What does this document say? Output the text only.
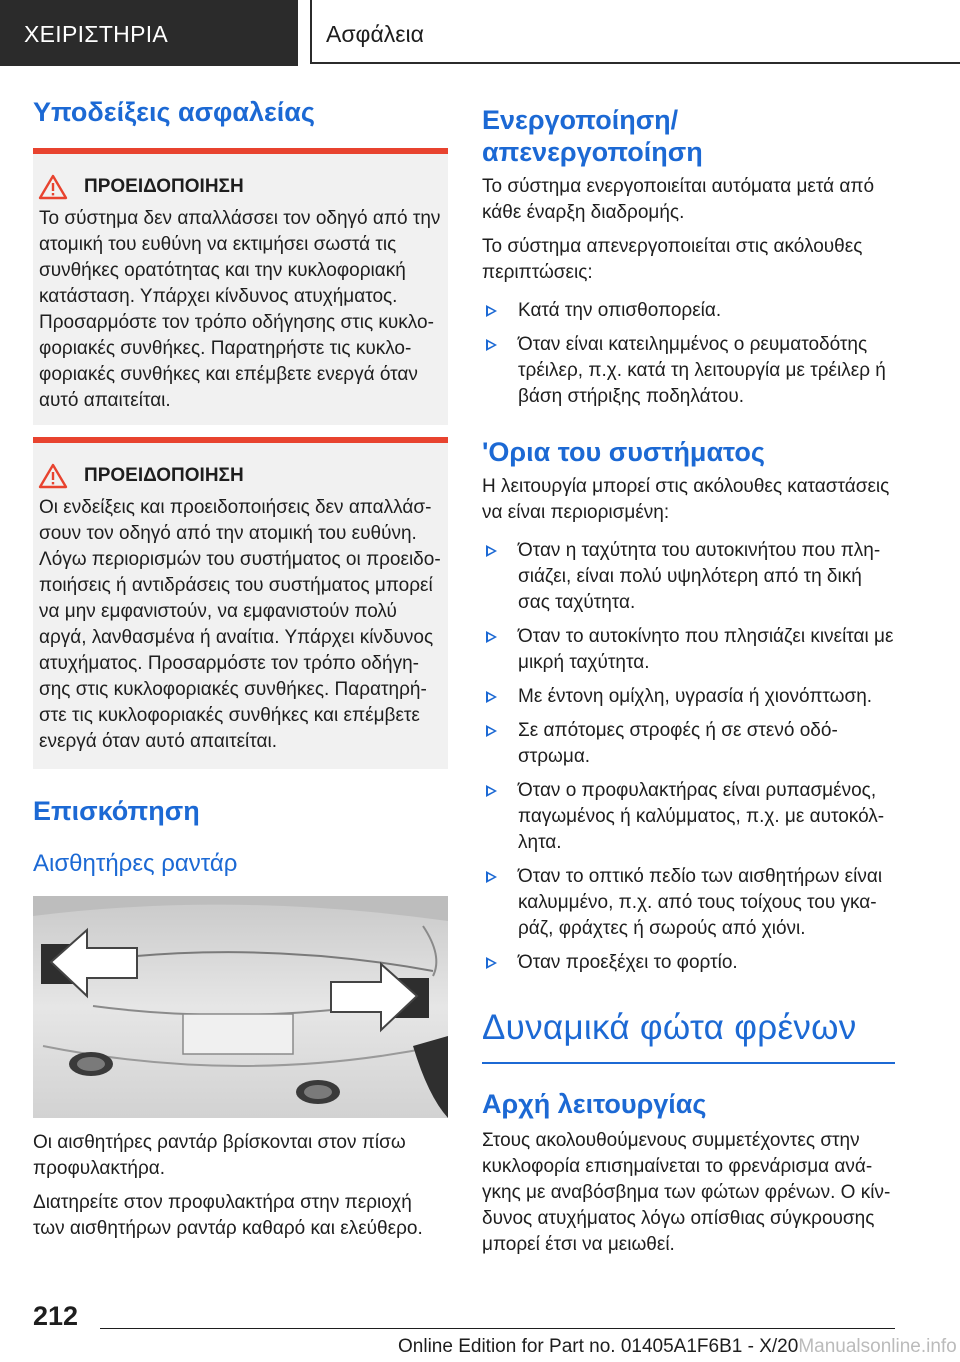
ΧΕΙΡΙΣΤΗΡΙΑ	Ασφάλεια
Υποδείξεις ασφαλείας
ΠΡΟΕΙΔΟΠΟΙΗΣΗ

Το σύστημα δεν απαλλάσσει τον οδηγό από την ατομική του ευθύνη να εκτιμήσει σωστά τις συνθήκες ορατότητας και την κυκλοφοριακή κατάσταση. Υπάρχει κίνδυνος ατυχήματος. Προσαρμόστε τον τρόπο οδήγησης στις κυκλοφοριακές συνθήκες. Παρατηρήστε τις κυκλοφοριακές συνθήκες και επέμβετε ενεργά όταν αυτό απαιτείται.

ΠΡΟΕΙΔΟΠΟΙΗΣΗ

Οι ενδείξεις και προειδοποιήσεις δεν απαλλάσσουν τον οδηγό από την ατομική του ευθύνη. Λόγω περιορισμών του συστήματος οι προειδοποιήσεις ή αντιδράσεις του συστήματος μπορεί να μην εμφανιστούν, να εμφανιστούν πολύ αργά, λανθασμένα ή αναίτια. Υπάρχει κίνδυνος ατυχήματος. Προσαρμόστε τον τρόπο οδήγησης στις κυκλοφοριακές συνθήκες. Παρατηρήστε τις κυκλοφοριακές συνθήκες και επέμβετε ενεργά όταν αυτό απαιτείται.

Επισκόπηση
Αισθητήρες ραντάρ

Οι αισθητήρες ραντάρ βρίσκονται στον πίσω προφυλακτήρα.

Διατηρείτε στον προφυλακτήρα στην περιοχή των αισθητήρων ραντάρ καθαρό και ελεύθερο.

Ενεργοποίηση/απενεργοποίηση

Το σύστημα ενεργοποιείται αυτόματα μετά από κάθε έναρξη διαδρομής.

Το σύστημα απενεργοποιείται στις ακόλουθες περιπτώσεις:

Κατά την οπισθοπορεία.
Όταν είναι κατειλημμένος ο ρευματοδότης τρέιλερ, π.χ. κατά τη λειτουργία με τρέιλερ ή βάση στήριξης ποδηλάτου.
'Ορια του συστήματος

Η λειτουργία μπορεί στις ακόλουθες καταστάσεις να είναι περιορισμένη:

Όταν η ταχύτητα του αυτοκινήτου που πλησιάζει, είναι πολύ υψηλότερη από τη δική σας ταχύτητα.
Όταν το αυτοκίνητο που πλησιάζει κινείται με μικρή ταχύτητα.
Με έντονη ομίχλη, υγρασία ή χιονόπτωση.
Σε απότομες στροφές ή σε στενό οδόστρωμα.
Όταν ο προφυλακτήρας είναι ρυπασμένος, παγωμένος ή καλύμματος, π.χ. με αυτοκόλλητα.
Όταν το οπτικό πεδίο των αισθητήρων είναι καλυμμένο, π.χ. από τους τοίχους του γκαράζ, φράχτες ή σωρούς από χιόνι.
Όταν προεξέχει το φορτίο.
Δυναμικά φώτα φρένων
Αρχή λειτουργίας

Στους ακολουθούμενους συμμετέχοντες στην κυκλοφορία επισημαίνεται το φρενάρισμα ανάγκης με αναβόσβημα των φώτων φρένων. Ο κίνδυνος ατυχήματος λόγω οπίσθιας σύγκρουσης μπορεί έτσι να μειωθεί.

212
Online Edition for Part no. 01405A1F6B1 - X/20Manualsonline.info
